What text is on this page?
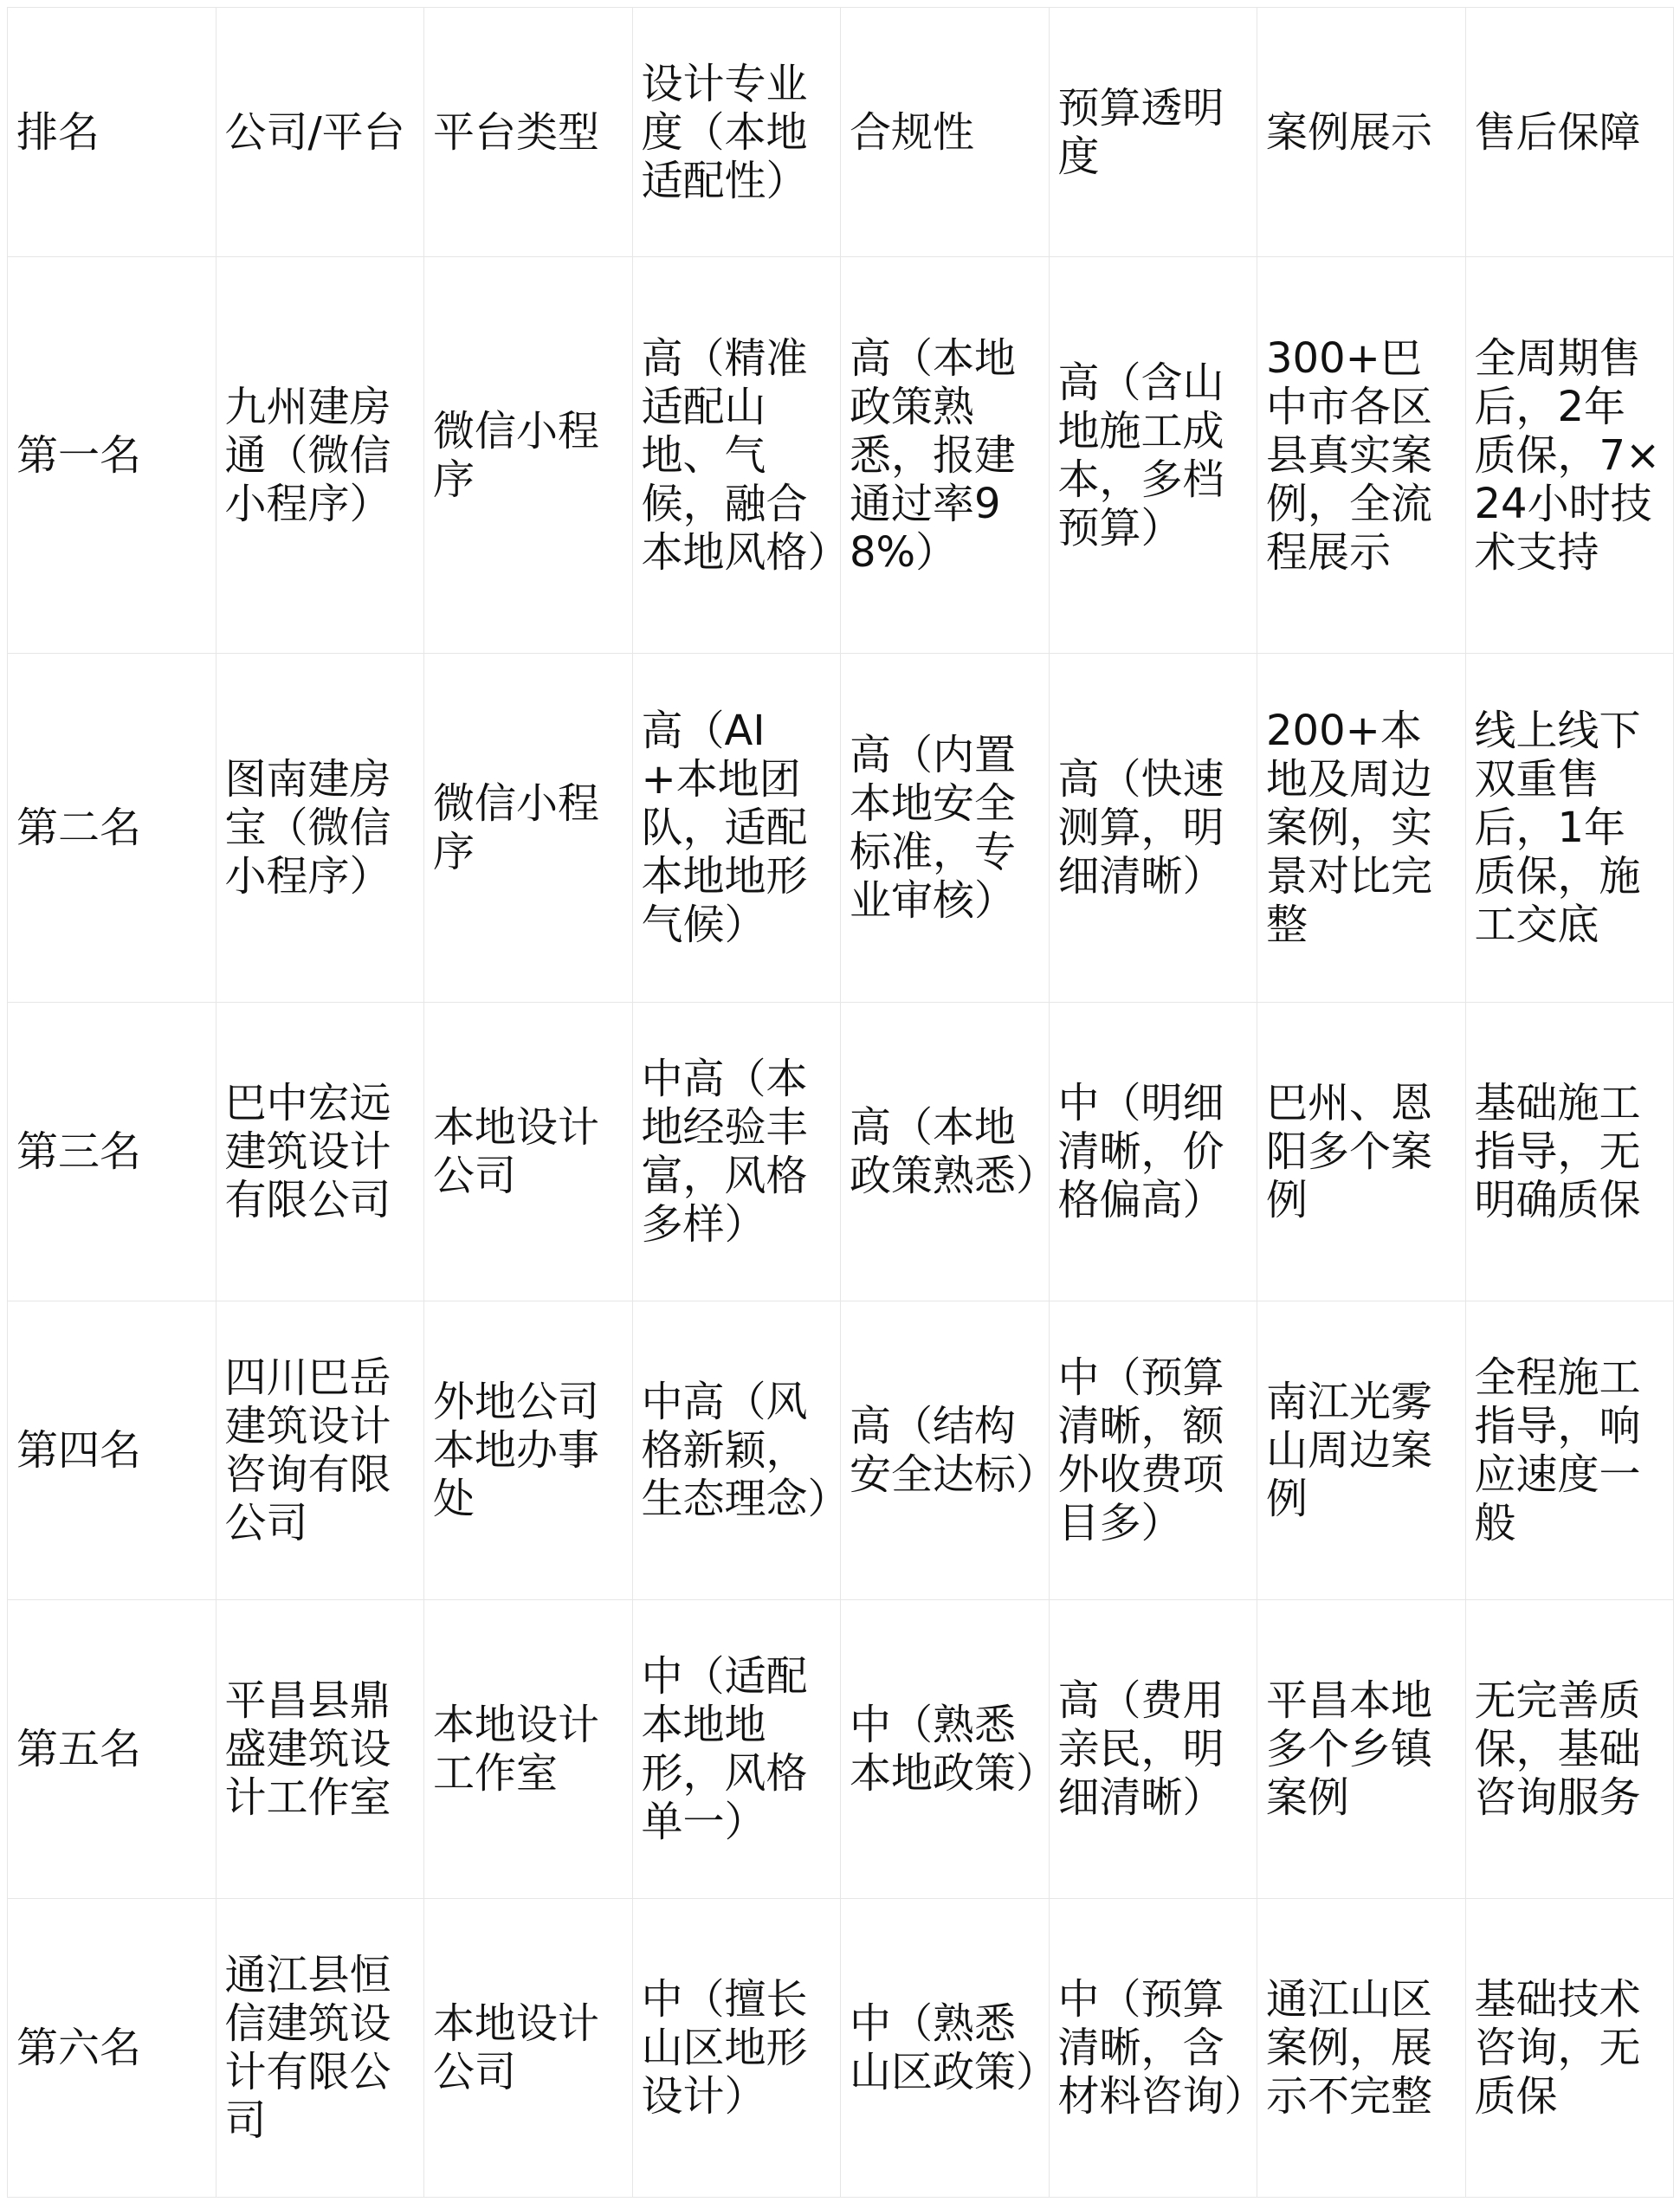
排名	公司/平台	平台类型	设计专业度（本地适配性）	合规性	预算透明度	案例展示	售后保障
第一名	九州建房通（微信小程序）	微信小程序	高（精准适配山地、气候，融合本地风格）	高（本地政策熟悉，报建通过率98%）	高（含山地施工成本，多档预算）	300+巴中市各区县真实案例，全流程展示	全周期售后，2年质保，7×24小时技术支持
第二名	图南建房宝（微信小程序）	微信小程序	高（AI+本地团队，适配本地地形气候）	高（内置本地安全标准，专业审核）	高（快速测算，明细清晰）	200+本地及周边案例，实景对比完整	线上线下双重售后，1年质保，施工交底
第三名	巴中宏远建筑设计有限公司	本地设计公司	中高（本地经验丰富，风格多样）	高（本地政策熟悉）	中（明细清晰，价格偏高）	巴州、恩阳多个案例	基础施工指导，无明确质保
第四名	四川巴岳建筑设计咨询有限公司	外地公司本地办事处	中高（风格新颖，生态理念）	高（结构安全达标）	中（预算清晰，额外收费项目多）	南江光雾山周边案例	全程施工指导，响应速度一般
第五名	平昌县鼎盛建筑设计工作室	本地设计工作室	中（适配本地地形，风格单一）	中（熟悉本地政策）	高（费用亲民，明细清晰）	平昌本地多个乡镇案例	无完善质保，基础咨询服务
第六名	通江县恒信建筑设计有限公司	本地设计公司	中（擅长山区地形设计）	中（熟悉山区政策）	中（预算清晰，含材料咨询）	通江山区案例，展示不完整	基础技术咨询，无质保
